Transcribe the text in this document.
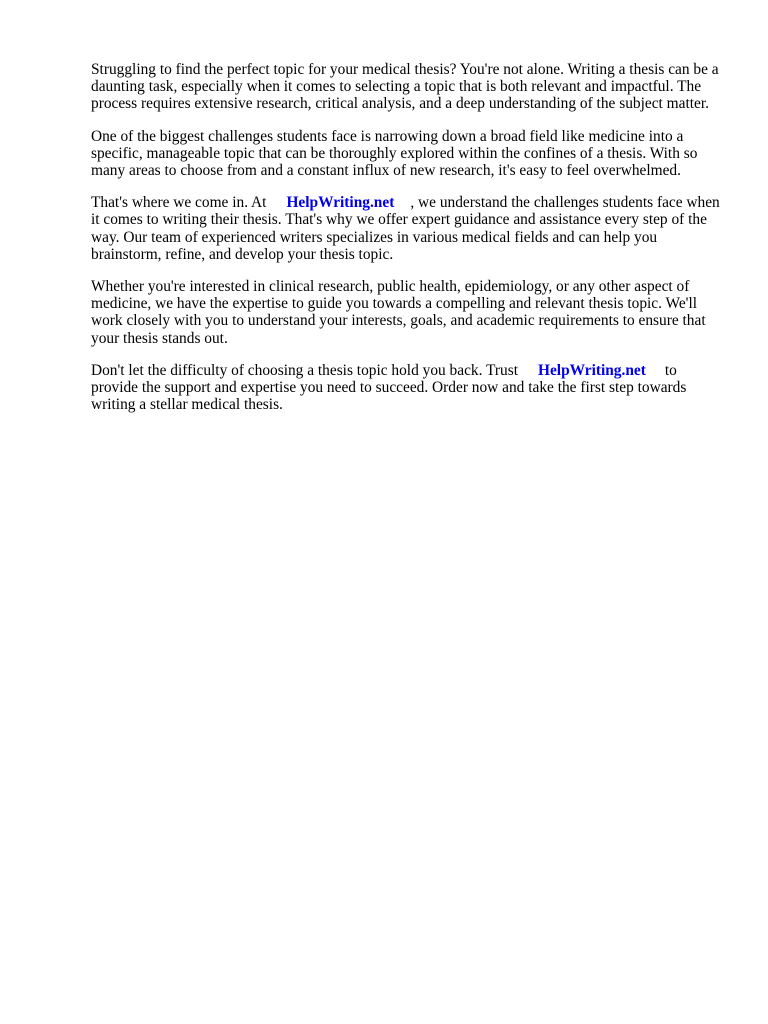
Struggling to find the perfect topic for your medical thesis? You're not alone. Writing a thesis can be a daunting task, especially when it comes to selecting a topic that is both relevant and impactful. The process requires extensive research, critical analysis, and a deep understanding of the subject matter.

One of the biggest challenges students face is narrowing down a broad field like medicine into a specific, manageable topic that can be thoroughly explored within the confines of a thesis. With so many areas to choose from and a constant influx of new research, it's easy to feel overwhelmed.

That's where we come in. At HelpWriting.net , we understand the challenges students face when it comes to writing their thesis. That's why we offer expert guidance and assistance every step of the way. Our team of experienced writers specializes in various medical fields and can help you brainstorm, refine, and develop your thesis topic.

Whether you're interested in clinical research, public health, epidemiology, or any other aspect of medicine, we have the expertise to guide you towards a compelling and relevant thesis topic. We'll work closely with you to understand your interests, goals, and academic requirements to ensure that your thesis stands out.

Don't let the difficulty of choosing a thesis topic hold you back. Trust HelpWriting.net to provide the support and expertise you need to succeed. Order now and take the first step towards writing a stellar medical thesis.
